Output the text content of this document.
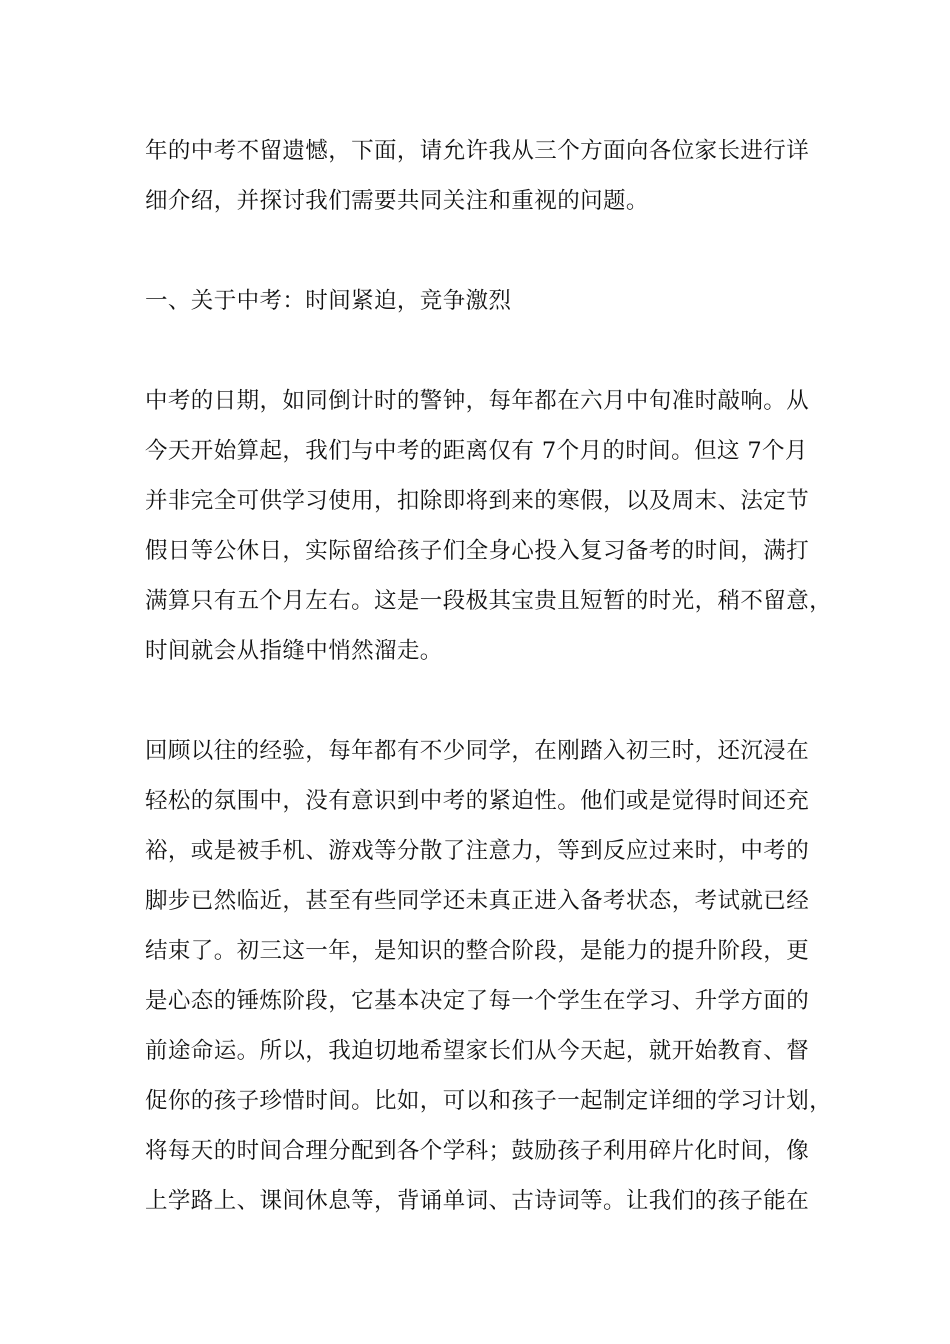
年的中考不留遗憾，下面，请允许我从三个方面向各位家长进行详
细介绍，并探讨我们需要共同关注和重视的问题。
一、关于中考：时间紧迫，竞争激烈
中考的日期，如同倒计时的警钟，每年都在六月中旬准时敲响。从
今天开始算起，我们与中考的距离仅有 7个月的时间。但这 7个月
并非完全可供学习使用，扣除即将到来的寒假，以及周末、法定节
假日等公休日，实际留给孩子们全身心投入复习备考的时间，满打
满算只有五个月左右。这是一段极其宝贵且短暂的时光，稍不留意，
时间就会从指缝中悄然溜走。
回顾以往的经验，每年都有不少同学，在刚踏入初三时，还沉浸在
轻松的氛围中，没有意识到中考的紧迫性。他们或是觉得时间还充
裕，或是被手机、游戏等分散了注意力，等到反应过来时，中考的
脚步已然临近，甚至有些同学还未真正进入备考状态，考试就已经
结束了。初三这一年，是知识的整合阶段，是能力的提升阶段，更
是心态的锤炼阶段，它基本决定了每一个学生在学习、升学方面的
前途命运。所以，我迫切地希望家长们从今天起，就开始教育、督
促你的孩子珍惜时间。比如，可以和孩子一起制定详细的学习计划，
将每天的时间合理分配到各个学科；鼓励孩子利用碎片化时间，像
上学路上、课间休息等，背诵单词、古诗词等。让我们的孩子能在
